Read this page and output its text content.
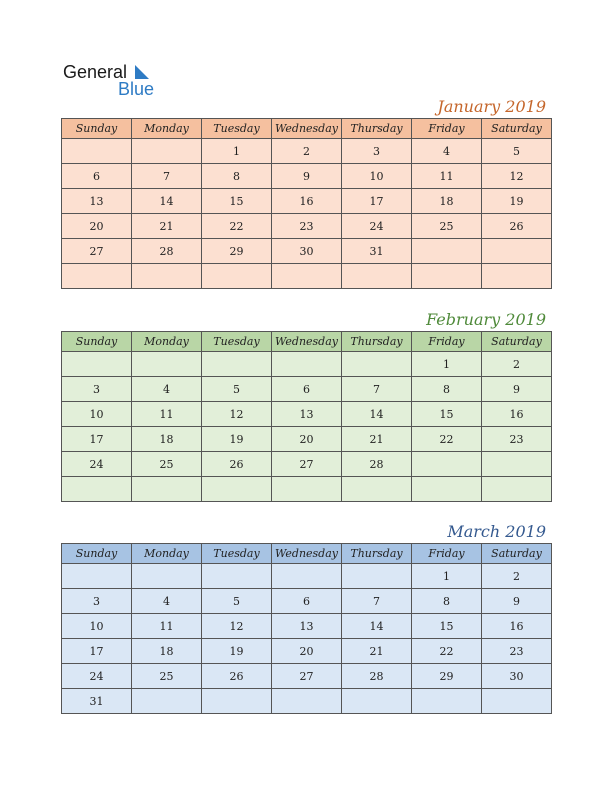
General
Blue
January 2019
Sunday	Monday	Tuesday	Wednesday	Thursday	Friday	Saturday
		1	2	3	4	5
6	7	8	9	10	11	12
13	14	15	16	17	18	19
20	21	22	23	24	25	26
27	28	29	30	31		

February 2019
Sunday	Monday	Tuesday	Wednesday	Thursday	Friday	Saturday
					1	2
3	4	5	6	7	8	9
10	11	12	13	14	15	16
17	18	19	20	21	22	23
24	25	26	27	28		

March 2019
Sunday	Monday	Tuesday	Wednesday	Thursday	Friday	Saturday
					1	2
3	4	5	6	7	8	9
10	11	12	13	14	15	16
17	18	19	20	21	22	23
24	25	26	27	28	29	30
31						
